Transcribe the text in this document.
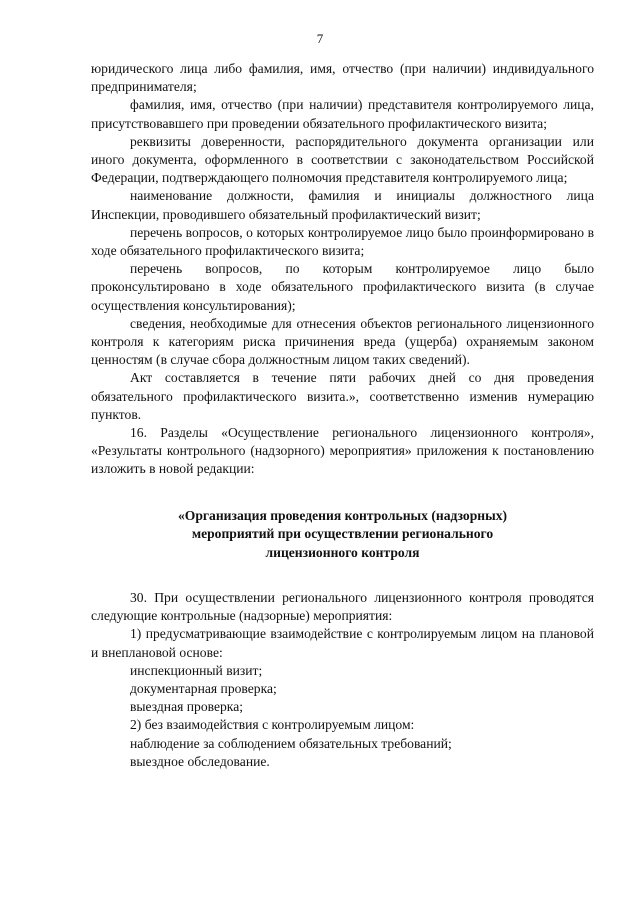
7

юридического лица либо фамилия, имя, отчество (при наличии) индивидуального предпринимателя;

фамилия, имя, отчество (при наличии) представителя контролируемого лица, присутствовавшего при проведении обязательного профилактического визита;

реквизиты доверенности, распорядительного документа организации или иного документа, оформленного в соответствии с законодательством Российской Федерации, подтверждающего полномочия представителя контролируемого лица;

наименование должности, фамилия и инициалы должностного лица Инспекции, проводившего обязательный профилактический визит;

перечень вопросов, о которых контролируемое лицо было проинформировано в ходе обязательного профилактического визита;

перечень вопросов, по которым контролируемое лицо было проконсультировано в ходе обязательного профилактического визита (в случае осуществления консультирования);

сведения, необходимые для отнесения объектов регионального лицензионного контроля к категориям риска причинения вреда (ущерба) охраняемым законом ценностям (в случае сбора должностным лицом таких сведений).

Акт составляется в течение пяти рабочих дней со дня проведения обязательного профилактического визита.», соответственно изменив нумерацию пунктов.

16. Разделы «Осуществление регионального лицензионного контроля», «Результаты контрольного (надзорного) мероприятия» приложения к постановлению изложить в новой редакции:

«Организация проведения контрольных (надзорных)
мероприятий при осуществлении регионального
лицензионного контроля

30. При осуществлении регионального лицензионного контроля проводятся следующие контрольные (надзорные) мероприятия:

1) предусматривающие взаимодействие с контролируемым лицом на плановой и внеплановой основе:

инспекционный визит;

документарная проверка;

выездная проверка;

2) без взаимодействия с контролируемым лицом:

наблюдение за соблюдением обязательных требований;

выездное обследование.
